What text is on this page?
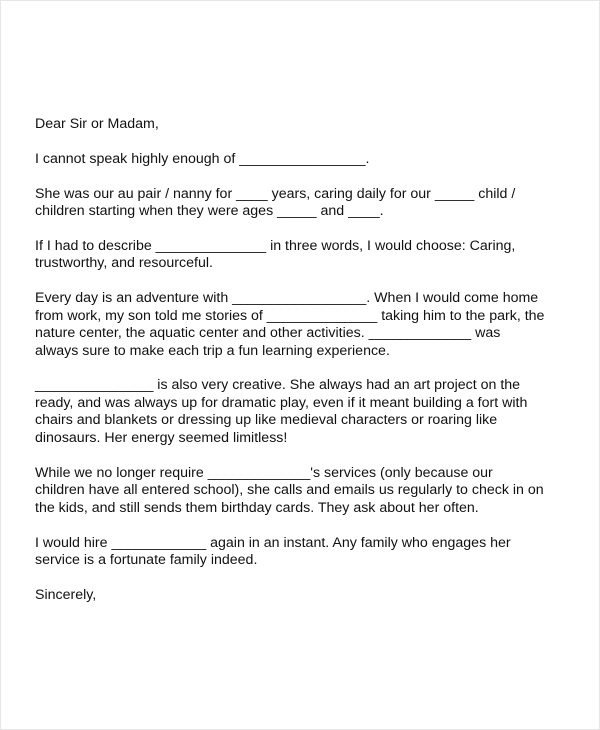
Dear Sir or Madam,
I cannot speak highly enough of ________________.
She was our au pair / nanny for ____ years, caring daily for our _____ child /
children starting when they were ages _____ and ____.
If I had to describe ______________ in three words, I would choose: Caring,
trustworthy, and resourceful.
Every day is an adventure with _________________. When I would come home
from work, my son told me stories of ______________ taking him to the park, the
nature center, the aquatic center and other activities. _____________ was
always sure to make each trip a fun learning experience.
_______________ is also very creative. She always had an art project on the
ready, and was always up for dramatic play, even if it meant building a fort with
chairs and blankets or dressing up like medieval characters or roaring like
dinosaurs. Her energy seemed limitless!
While we no longer require _____________'s services (only because our
children have all entered school), she calls and emails us regularly to check in on
the kids, and still sends them birthday cards. They ask about her often.
I would hire ____________ again in an instant. Any family who engages her
service is a fortunate family indeed.
Sincerely,
